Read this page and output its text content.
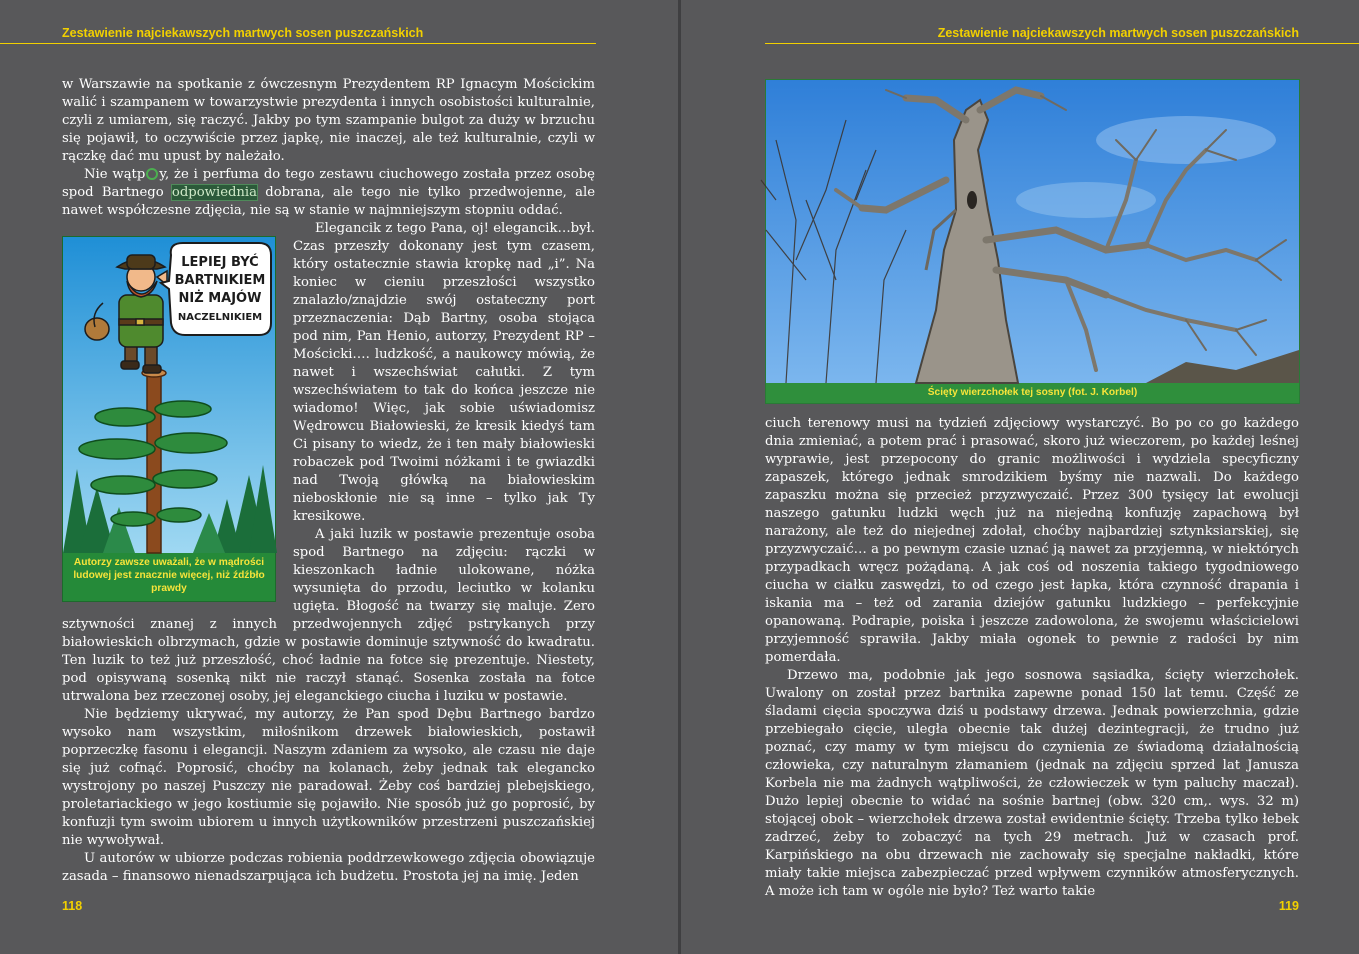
Zestawienie najciekawszych martwych sosen puszczańskich

w Warszawie na spotkanie z ówczesnym Prezydentem RP Ignacym Mościckim walić i szampanem w towarzystwie prezydenta i innych osobistości kulturalnie, czyli z umiarem, się raczyć. Jakby po tym szampanie bulgot za duży w brzuchu się pojawił, to oczywiście przez japkę, nie inaczej, ale też kulturalnie, czyli w rączkę dać mu upust by należało.

Nie wątp y, że i perfuma do tego zestawu ciuchowego została przez osobę spod Bartnego odpowiednia dobrana, ale tego nie tylko przedwojenne, ale nawet współczesne zdjęcia, nie są w stanie w najmniejszym stopniu oddać.

LEPIEJ BYĆ
BARTNIKIEM
NIŻ MAJÓW
NACZELNIKIEM
Autorzy zawsze uważali, że w mądrości ludowej jest znacznie więcej, niż źdźbło prawdy
Elegancik z tego Pana, oj! elegancik…był. Czas przeszły dokonany jest tym czasem, który ostatecznie stawia kropkę nad „i”. Na koniec w cieniu przeszłości wszystko znalazło/znajdzie swój ostateczny port przeznaczenia: Dąb Bartny, osoba stojąca pod nim, Pan Henio, autorzy, Prezydent RP – Mościcki…. ludzkość, a naukowcy mówią, że nawet i wszechświat całutki. Z tym wszechświatem to tak do końca jeszcze nie wiadomo! Więc, jak sobie uświadomisz Wędrowcu Białowieski, że kresik kiedyś tam Ci pisany to wiedz, że i ten mały białowieski robaczek pod Twoimi nóżkami i te gwiazdki nad Twoją główką na białowieskim nieboskłonie nie są inne – tylko jak Ty kresikowe.

A jaki luzik w postawie prezentuje osoba spod Bartnego na zdjęciu: rączki w kieszonkach ładnie ulokowane, nóżka wysunięta do przodu, leciutko w kolanku ugięta. Błogość na twarzy się maluje. Zero sztywności znanej z innych przedwojennych zdjęć pstrykanych przy białowieskich olbrzymach, gdzie w postawie dominuje sztywność do kwadratu. Ten luzik to też już przeszłość, choć ładnie na fotce się prezentuje. Niestety, pod opisywaną sosenką nikt nie raczył stanąć. Sosenka została na fotce utrwalona bez rzeczonej osoby, jej eleganckiego ciucha i luziku w postawie.

Nie będziemy ukrywać, my autorzy, że Pan spod Dębu Bartnego bardzo wysoko nam wszystkim, miłośnikom drzewek białowieskich, postawił poprzeczkę fasonu i elegancji. Naszym zdaniem za wysoko, ale czasu nie daje się już cofnąć. Poprosić, choćby na kolanach, żeby jednak tak elegancko wystrojony po naszej Puszczy nie paradował. Żeby coś bardziej plebejskiego, proletariackiego w jego kostiumie się pojawiło. Nie sposób już go poprosić, by konfuzji tym swoim ubiorem u innych użytkowników przestrzeni puszczańskiej nie wywoływał.

U autorów w ubiorze podczas robienia poddrzewkowego zdjęcia obowiązuje zasada – finansowo nienadszarpująca ich budżetu. Prostota jej na imię. Jeden

118
Zestawienie najciekawszych martwych sosen puszczańskich
Ścięty wierzchołek tej sosny (fot. J. Korbel)

ciuch terenowy musi na tydzień zdjęciowy wystarczyć. Bo po co go każdego dnia zmieniać, a potem prać i prasować, skoro już wieczorem, po każdej leśnej wyprawie, jest przepocony do granic możliwości i wydziela specyficzny zapaszek, którego jednak smrodzikiem byśmy nie nazwali. Do każdego zapaszku można się przecież przyzwyczaić. Przez 300 tysięcy lat ewolucji naszego gatunku ludzki węch już na niejedną konfuzję zapachową był narażony, ale też do niejednej zdołał, choćby najbardziej sztynksiarskiej, się przyzwyczaić… a po pewnym czasie uznać ją nawet za przyjemną, w niektórych przypadkach wręcz pożądaną. A jak coś od noszenia takiego tygodniowego ciucha w ciałku zaswędzi, to od czego jest łapka, która czynność drapania i iskania ma – też od zarania dziejów gatunku ludzkiego – perfekcyjnie opanowaną. Podrapie, poiska i jeszcze zadowolona, że swojemu właścicielowi przyjemność sprawiła. Jakby miała ogonek to pewnie z radości by nim pomerdała.

Drzewo ma, podobnie jak jego sosnowa sąsiadka, ścięty wierzchołek. Uwalony on został przez bartnika zapewne ponad 150 lat temu. Część ze śladami cięcia spoczywa dziś u podstawy drzewa. Jednak powierzchnia, gdzie przebiegało cięcie, uległa obecnie tak dużej dezintegracji, że trudno już poznać, czy mamy w tym miejscu do czynienia ze świadomą działalnością człowieka, czy naturalnym złamaniem (jednak na zdjęciu sprzed lat Janusza Korbela nie ma żadnych wątpliwości, że człowieczek w tym paluchy maczał). Dużo lepiej obecnie to widać na sośnie bartnej (obw. 320 cm,. wys. 32 m) stojącej obok – wierzchołek drzewa został ewidentnie ścięty. Trzeba tylko łebek zadrzeć, żeby to zobaczyć na tych 29 metrach. Już w czasach prof. Karpińskiego na obu drzewach nie zachowały się specjalne nakładki, które miały takie miejsca zabezpieczać przed wpływem czynników atmosferycznych. A może ich tam w ogóle nie było? Też warto takie

119
